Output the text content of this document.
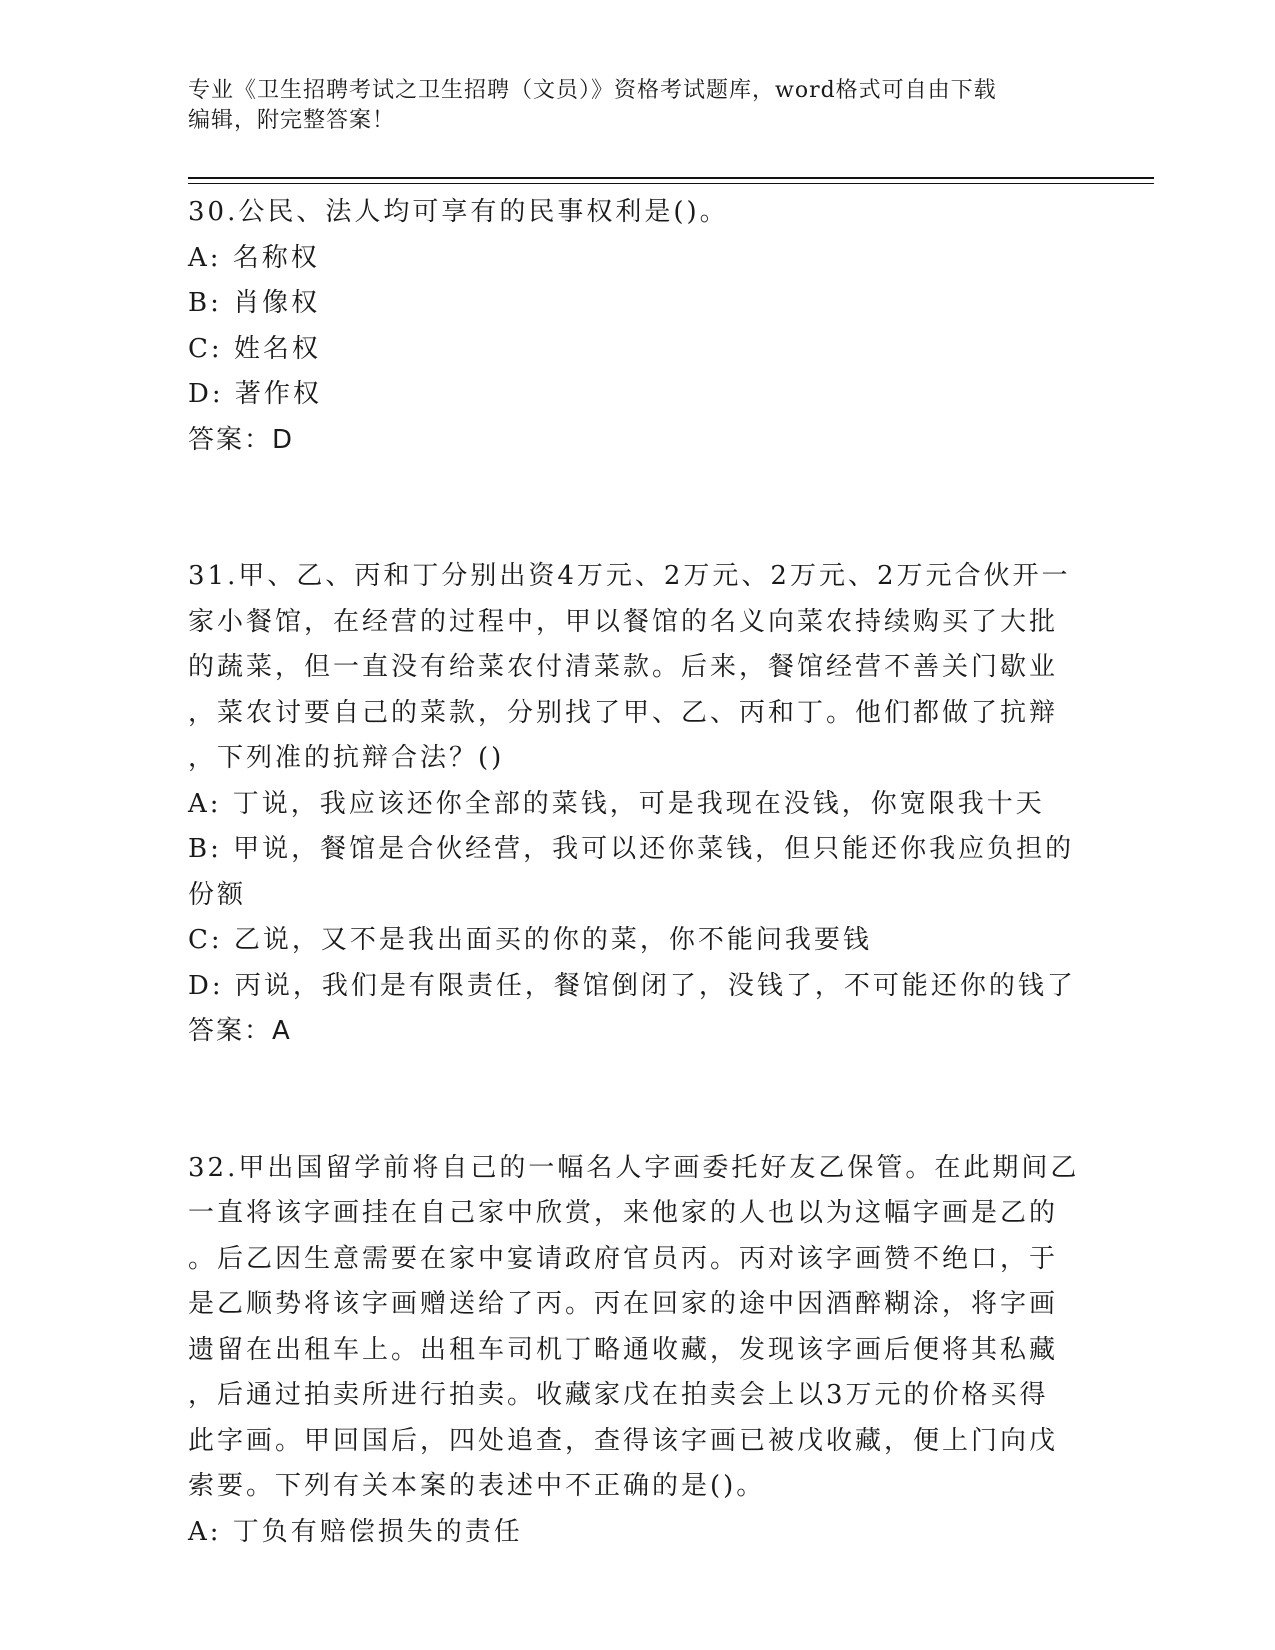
专业《卫生招聘考试之卫生招聘（文员）》资格考试题库，word格式可自由下载
编辑，附完整答案！
30.公民、法人均可享有的民事权利是()。
A: 名称权
B: 肖像权
C: 姓名权
D: 著作权
答案：D
31.甲、乙、丙和丁分别出资4万元、2万元、2万元、2万元合伙开一
家小餐馆，在经营的过程中，甲以餐馆的名义向菜农持续购买了大批
的蔬菜，但一直没有给菜农付清菜款。后来，餐馆经营不善关门歇业
，菜农讨要自己的菜款，分别找了甲、乙、丙和丁。他们都做了抗辩
，下列准的抗辩合法？()
A: 丁说，我应该还你全部的菜钱，可是我现在没钱，你宽限我十天
B: 甲说，餐馆是合伙经营，我可以还你菜钱，但只能还你我应负担的
份额
C: 乙说，又不是我出面买的你的菜，你不能问我要钱
D: 丙说，我们是有限责任，餐馆倒闭了，没钱了，不可能还你的钱了
答案：A
32.甲出国留学前将自己的一幅名人字画委托好友乙保管。在此期间乙
一直将该字画挂在自己家中欣赏，来他家的人也以为这幅字画是乙的
。后乙因生意需要在家中宴请政府官员丙。丙对该字画赞不绝口，于
是乙顺势将该字画赠送给了丙。丙在回家的途中因酒醉糊涂，将字画
遗留在出租车上。出租车司机丁略通收藏，发现该字画后便将其私藏
，后通过拍卖所进行拍卖。收藏家戊在拍卖会上以3万元的价格买得
此字画。甲回国后，四处追查，查得该字画已被戊收藏，便上门向戊
索要。下列有关本案的表述中不正确的是()。
A: 丁负有赔偿损失的责任
